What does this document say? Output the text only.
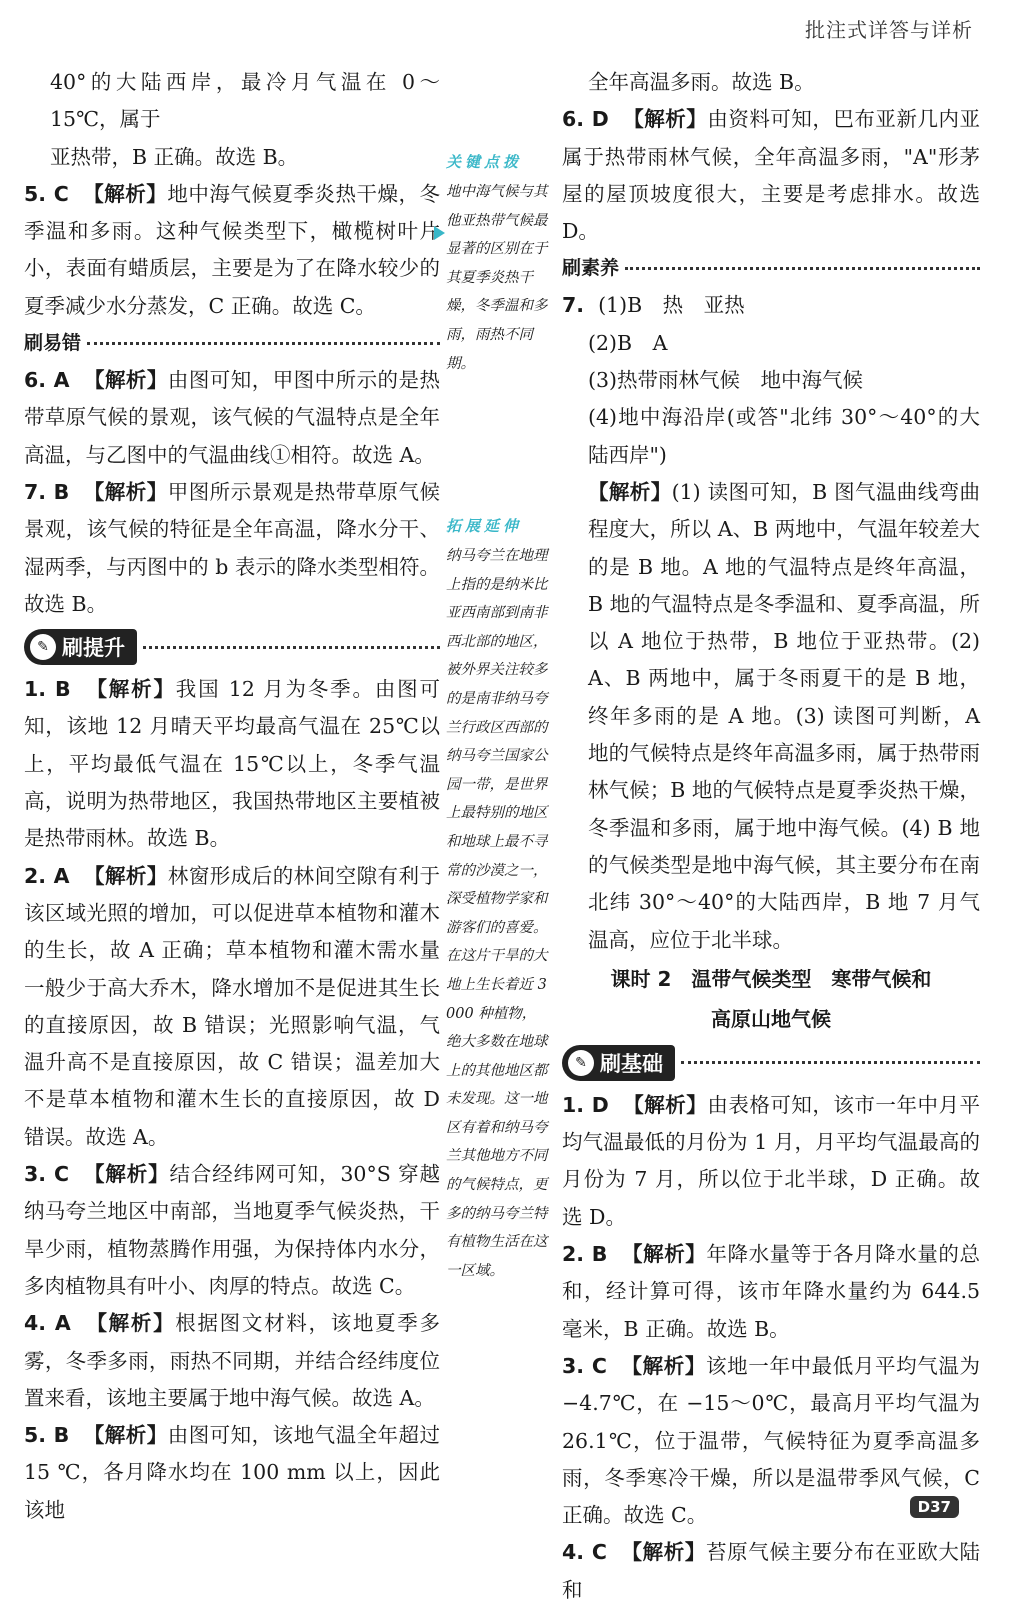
批注式详答与详析
40°的大陆西岸，最冷月气温在 0～15℃，属于
亚热带，B 正确。故选 B。
5. C 【解析】地中海气候夏季炎热干燥，冬季温和多雨。这种气候类型下，橄榄树叶片小，表面有蜡质层，主要是为了在降水较少的夏季减少水分蒸发，C 正确。故选 C。
刷易错
6. A 【解析】由图可知，甲图中所示的是热带草原气候的景观，该气候的气温特点是全年高温，与乙图中的气温曲线①相符。故选 A。
7. B 【解析】甲图所示景观是热带草原气候景观，该气候的特征是全年高温，降水分干、湿两季，与丙图中的 b 表示的降水类型相符。故选 B。
✎ 刷提升
1. B 【解析】我国 12 月为冬季。由图可知，该地 12 月晴天平均最高气温在 25℃以上，平均最低气温在 15℃以上，冬季气温高，说明为热带地区，我国热带地区主要植被是热带雨林。故选 B。
2. A 【解析】林窗形成后的林间空隙有利于该区域光照的增加，可以促进草本植物和灌木的生长，故 A 正确；草本植物和灌木需水量一般少于高大乔木，降水增加不是促进其生长的直接原因，故 B 错误；光照影响气温，气温升高不是直接原因，故 C 错误；温差加大不是草本植物和灌木生长的直接原因，故 D 错误。故选 A。
3. C 【解析】结合经纬网可知，30°S 穿越纳马夸兰地区中南部，当地夏季气候炎热，干旱少雨，植物蒸腾作用强，为保持体内水分，多肉植物具有叶小、肉厚的特点。故选 C。
4. A 【解析】根据图文材料，该地夏季多雾，冬季多雨，雨热不同期，并结合经纬度位置来看，该地主要属于地中海气候。故选 A。
5. B 【解析】由图可知，该地气温全年超过 15 ℃，各月降水均在 100 mm 以上，因此该地
关键点拨
地中海气候与其他亚热带气候最显著的区别在于其夏季炎热干燥，冬季温和多雨，雨热不同期。
拓展延伸
纳马夸兰在地理上指的是纳米比亚西南部到南非西北部的地区，被外界关注较多的是南非纳马夸兰行政区西部的纳马夸兰国家公园一带，是世界上最特别的地区和地球上最不寻常的沙漠之一，深受植物学家和游客们的喜爱。在这片干旱的大地上生长着近 3 000 种植物，绝大多数在地球上的其他地区都未发现。这一地区有着和纳马夸兰其他地方不同的气候特点，更多的纳马夸兰特有植物生活在这一区域。
全年高温多雨。故选 B。
6. D 【解析】由资料可知，巴布亚新几内亚属于热带雨林气候，全年高温多雨，"A"形茅屋的屋顶坡度很大，主要是考虑排水。故选 D。
刷素养
7. (1)B　热　亚热
(2)B　A
(3)热带雨林气候　地中海气候
(4)地中海沿岸(或答"北纬 30°～40°的大陆西岸")
【解析】(1) 读图可知，B 图气温曲线弯曲程度大，所以 A、B 两地中，气温年较差大的是 B 地。A 地的气温特点是终年高温，B 地的气温特点是冬季温和、夏季高温，所以 A 地位于热带，B 地位于亚热带。(2) A、B 两地中，属于冬雨夏干的是 B 地，终年多雨的是 A 地。(3) 读图可判断，A 地的气候特点是终年高温多雨，属于热带雨林气候；B 地的气候特点是夏季炎热干燥，冬季温和多雨，属于地中海气候。(4) B 地的气候类型是地中海气候，其主要分布在南北纬 30°～40°的大陆西岸，B 地 7 月气温高，应位于北半球。
课时 2　温带气候类型　寒带气候和
高原山地气候
✎ 刷基础
1. D 【解析】由表格可知，该市一年中月平均气温最低的月份为 1 月，月平均气温最高的月份为 7 月，所以位于北半球，D 正确。故选 D。
2. B 【解析】年降水量等于各月降水量的总和，经计算可得，该市年降水量约为 644.5 毫米，B 正确。故选 B。
3. C 【解析】该地一年中最低月平均气温为 −4.7℃，在 −15～0℃，最高月平均气温为 26.1℃，位于温带，气候特征为夏季高温多雨，冬季寒冷干燥，所以是温带季风气候，C 正确。故选 C。
4. C 【解析】苔原气候主要分布在亚欧大陆和
D37
